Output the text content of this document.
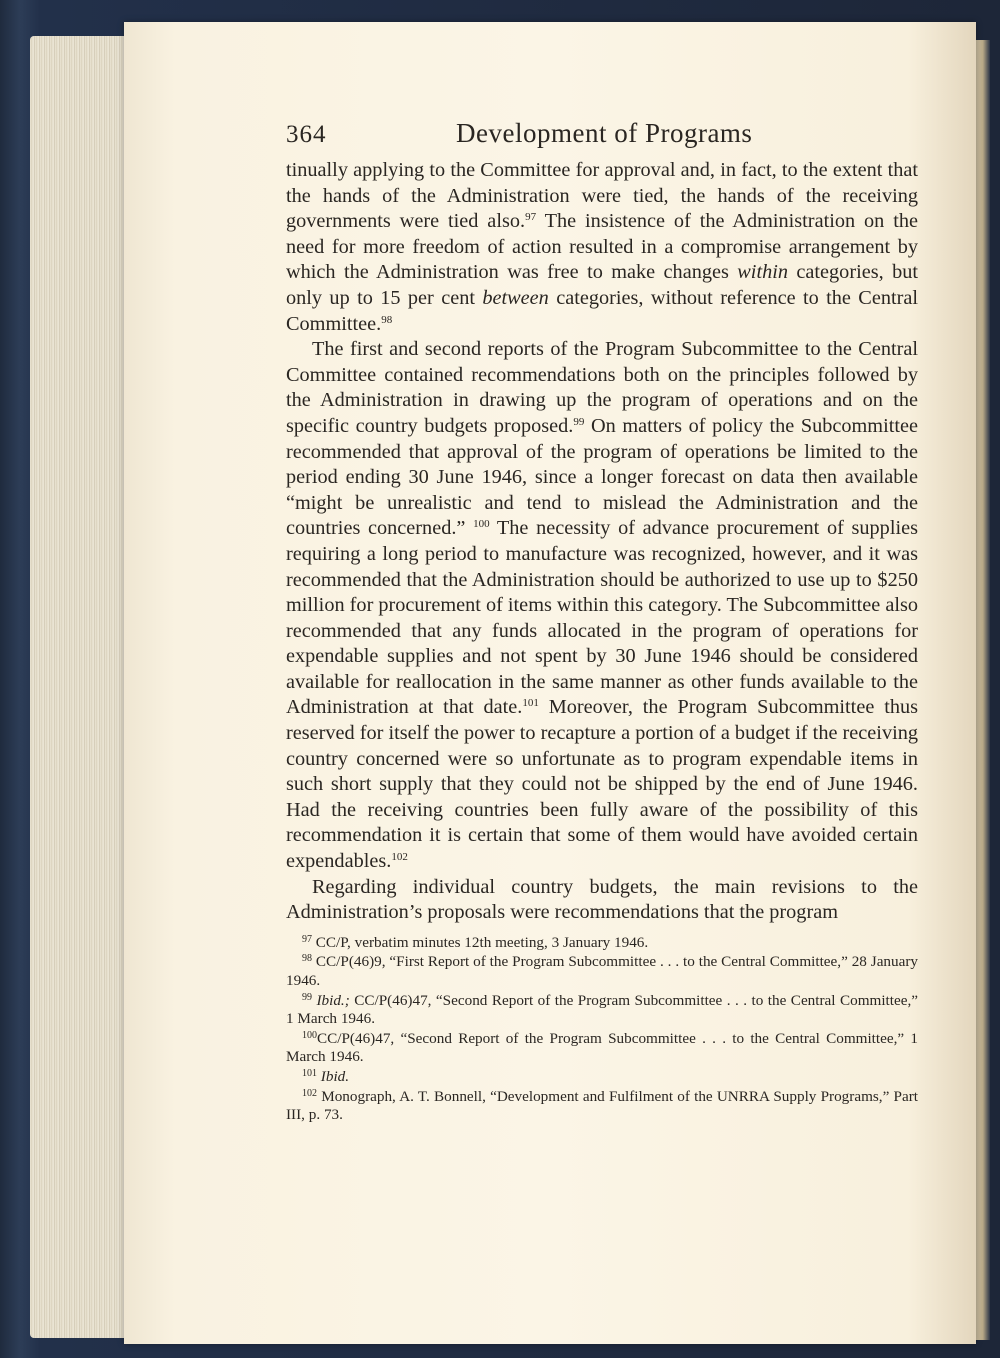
364	Development of Programs

tinually applying to the Committee for approval and, in fact, to the extent that the hands of the Administration were tied, the hands of the receiving governments were tied also.$^{97}$ The insistence of the Administration on the need for more freedom of action resulted in a compromise arrangement by which the Administration was free to make changes within categories, but only up to 15 per cent between categories, without reference to the Central Committee.$^{98}$

The first and second reports of the Program Subcommittee to the Central Committee contained recommendations both on the principles followed by the Administration in drawing up the program of operations and on the specific country budgets proposed.$^{99}$ On matters of policy the Subcommittee recommended that approval of the program of operations be limited to the period ending 30 June 1946, since a longer forecast on data then available “might be unrealistic and tend to mislead the Administration and the countries concerned.” $^{100}$ The necessity of advance procurement of supplies requiring a long period to manufacture was recognized, however, and it was recommended that the Administration should be authorized to use up to $250 million for procurement of items within this category. The Subcommittee also recommended that any funds allocated in the program of operations for expendable supplies and not spent by 30 June 1946 should be considered available for reallocation in the same manner as other funds available to the Administration at that date.$^{101}$ Moreover, the Program Subcommittee thus reserved for itself the power to recapture a portion of a budget if the receiving country concerned were so unfortunate as to program expendable items in such short supply that they could not be shipped by the end of June 1946. Had the receiving countries been fully aware of the possibility of this recommendation it is certain that some of them would have avoided certain expendables.$^{102}$

Regarding individual country budgets, the main revisions to the Administration’s proposals were recommendations that the program

$^{97}$ CC/P, verbatim minutes 12th meeting, 3 January 1946.

$^{98}$ CC/P(46)9, “First Report of the Program Subcommittee . . . to the Central Committee,” 28 January 1946.

$^{99}$ Ibid.; CC/P(46)47, “Second Report of the Program Subcommittee . . . to the Central Committee,” 1 March 1946.

$^{100}$CC/P(46)47, “Second Report of the Program Subcommittee . . . to the Central Committee,” 1 March 1946.

$^{101}$ Ibid.

$^{102}$ Monograph, A. T. Bonnell, “Development and Fulfilment of the UNRRA Supply Programs,” Part III, p. 73.
